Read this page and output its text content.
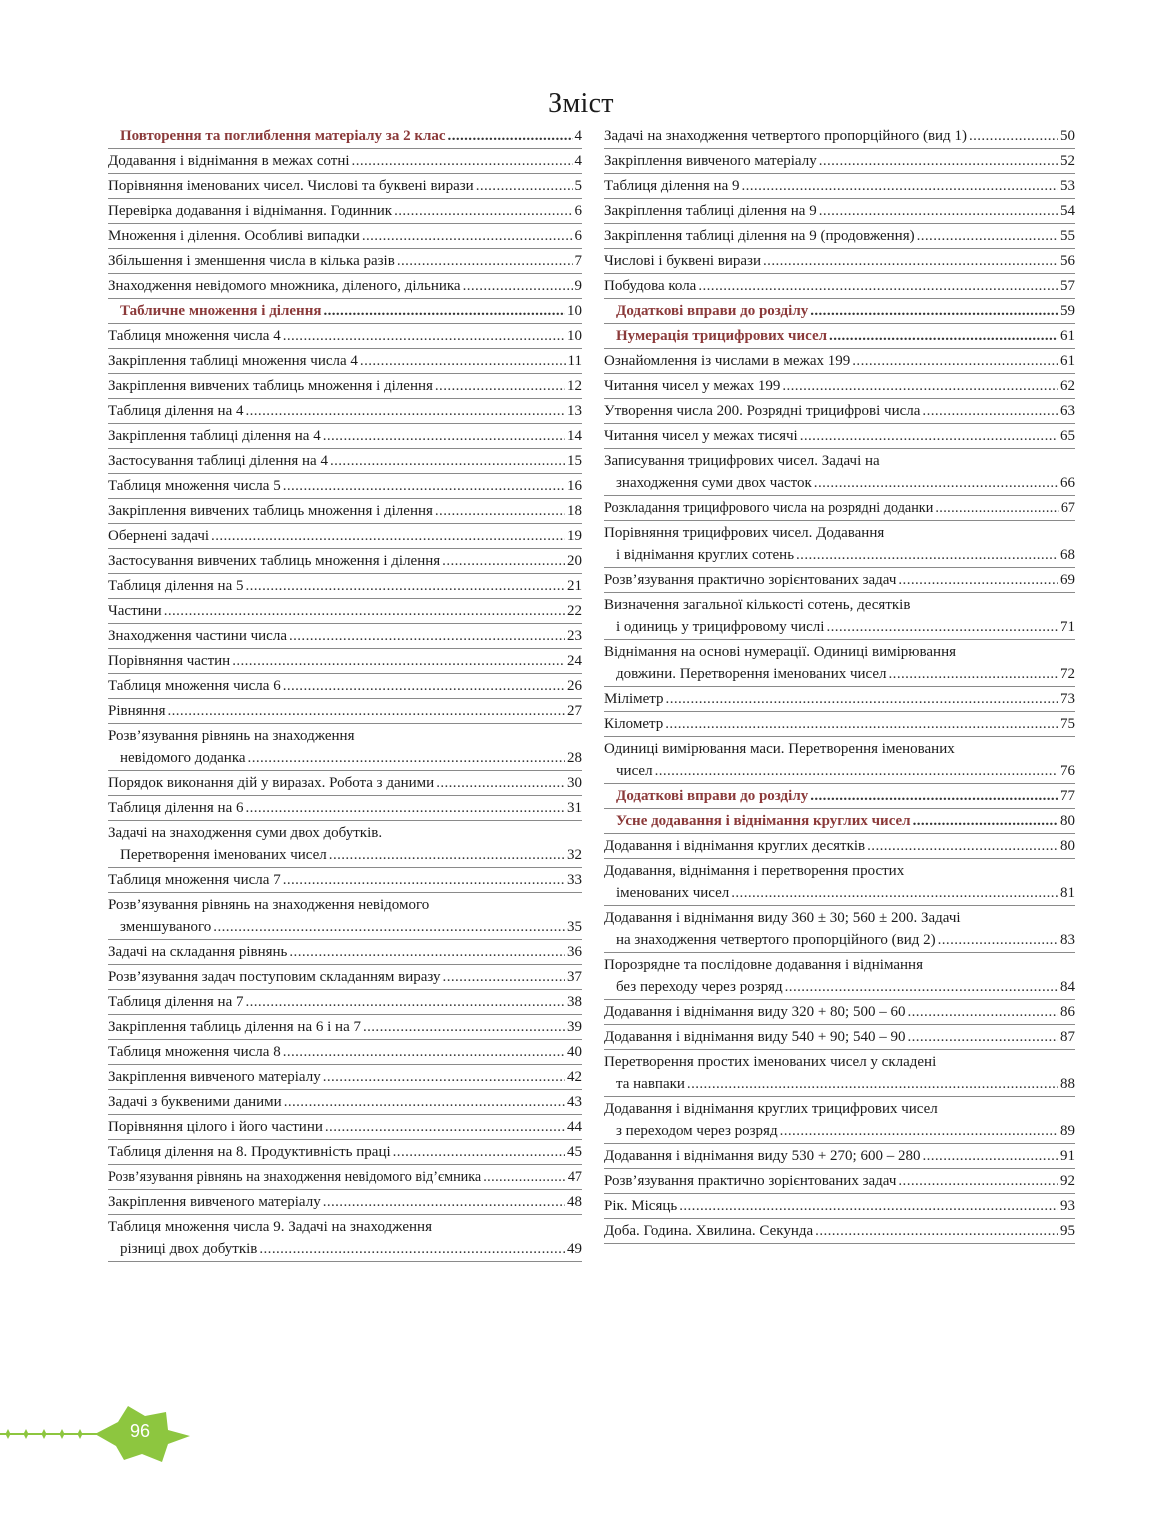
Зміст
Повторення та поглиблення матеріалу за 2 клас .....	4
Додавання і віднімання в межах сотні .....	4
Порівняння іменованих чисел. Числові та буквені вирази .....	5
Перевірка додавання і віднімання. Годинник .....	6
Множення і ділення. Особливі випадки .....	6
Збільшення і зменшення числа в кілька разів .....	7
Знаходження невідомого множника, діленого, дільника .....	9
Табличне множення і ділення .....	10
Таблиця множення числа 4 .....	10
Закріплення таблиці множення числа 4 .....	11
Закріплення вивчених таблиць множення і ділення .....	12
Таблиця ділення на 4 .....	13
Закріплення таблиці ділення на 4 .....	14
Застосування таблиці ділення на 4 .....	15
Таблиця множення числа 5 .....	16
Закріплення вивчених таблиць множення і ділення .....	18
Обернені задачі .....	19
Застосування вивчених таблиць множення і ділення .....	20
Таблиця ділення на 5 .....	21
Частини .....	22
Знаходження частини числа .....	23
Порівняння частин .....	24
Таблиця множення числа 6 .....	26
Рівняння .....	27
Розв’язування рівнянь на знаходження
невідомого доданка .....	28
Порядок виконання дій у виразах. Робота з даними .....	30
Таблиця ділення на 6 .....	31
Задачі на знаходження суми двох добутків.
Перетворення іменованих чисел .....	32
Таблиця множення числа 7 .....	33
Розв’язування рівнянь на знаходження невідомого
зменшуваного .....	35
Задачі на складання рівнянь .....	36
Розв’язування задач поступовим складанням виразу .....	37
Таблиця ділення на 7 .....	38
Закріплення таблиць ділення на 6 і на 7 .....	39
Таблиця множення числа 8 .....	40
Закріплення вивченого матеріалу .....	42
Задачі з буквеними даними .....	43
Порівняння цілого і його частини .....	44
Таблиця ділення на 8. Продуктивність праці .....	45
Розв’язування рівнянь на знаходження невідомого від’ємника .....	47
Закріплення вивченого матеріалу .....	48
Таблиця множення числа 9. Задачі на знаходження
різниці двох добутків .....	49
Задачі на знаходження четвертого пропорційного (вид 1) .....	50
Закріплення вивченого матеріалу .....	52
Таблиця ділення на 9 .....	53
Закріплення таблиці ділення на 9 .....	54
Закріплення таблиці ділення на 9 (продовження) .....	55
Числові і буквені вирази .....	56
Побудова кола .....	57
Додаткові вправи до розділу .....	59
Нумерація трицифрових чисел .....	61
Ознайомлення із числами в межах 199 .....	61
Читання чисел у межах 199 .....	62
Утворення числа 200. Розрядні трицифрові числа .....	63
Читання чисел у межах тисячі .....	65
Записування трицифрових чисел. Задачі на
знаходження суми двох часток .....	66
Розкладання трицифрового числа на розрядні доданки .....	67
Порівняння трицифрових чисел. Додавання
і віднімання круглих сотень .....	68
Розв’язування практично зорієнтованих задач .....	69
Визначення загальної кількості сотень, десятків
і одиниць у трицифровому числі .....	71
Віднімання на основі нумерації. Одиниці вимірювання
довжини. Перетворення іменованих чисел .....	72
Міліметр .....	73
Кілометр .....	75
Одиниці вимірювання маси. Перетворення іменованих
чисел .....	76
Додаткові вправи до розділу .....	77
Усне додавання і віднімання круглих чисел .....	80
Додавання і віднімання круглих десятків .....	80
Додавання, віднімання і перетворення простих
іменованих чисел .....	81
Додавання і віднімання виду 360 ± 30; 560 ± 200. Задачі
на знаходження четвертого пропорційного (вид 2) .....	83
Порозрядне та послідовне додавання і віднімання
без переходу через розряд .....	84
Додавання і віднімання виду 320 + 80; 500 – 60 .....	86
Додавання і віднімання виду 540 + 90; 540 – 90 .....	87
Перетворення простих іменованих чисел у складені
та навпаки .....	88
Додавання і віднімання круглих трицифрових чисел
з переходом через розряд .....	89
Додавання і віднімання виду 530 + 270; 600 – 280 .....	91
Розв’язування практично зорієнтованих задач .....	92
Рік. Місяць .....	93
Доба. Година. Хвилина. Секунда .....	95
96
